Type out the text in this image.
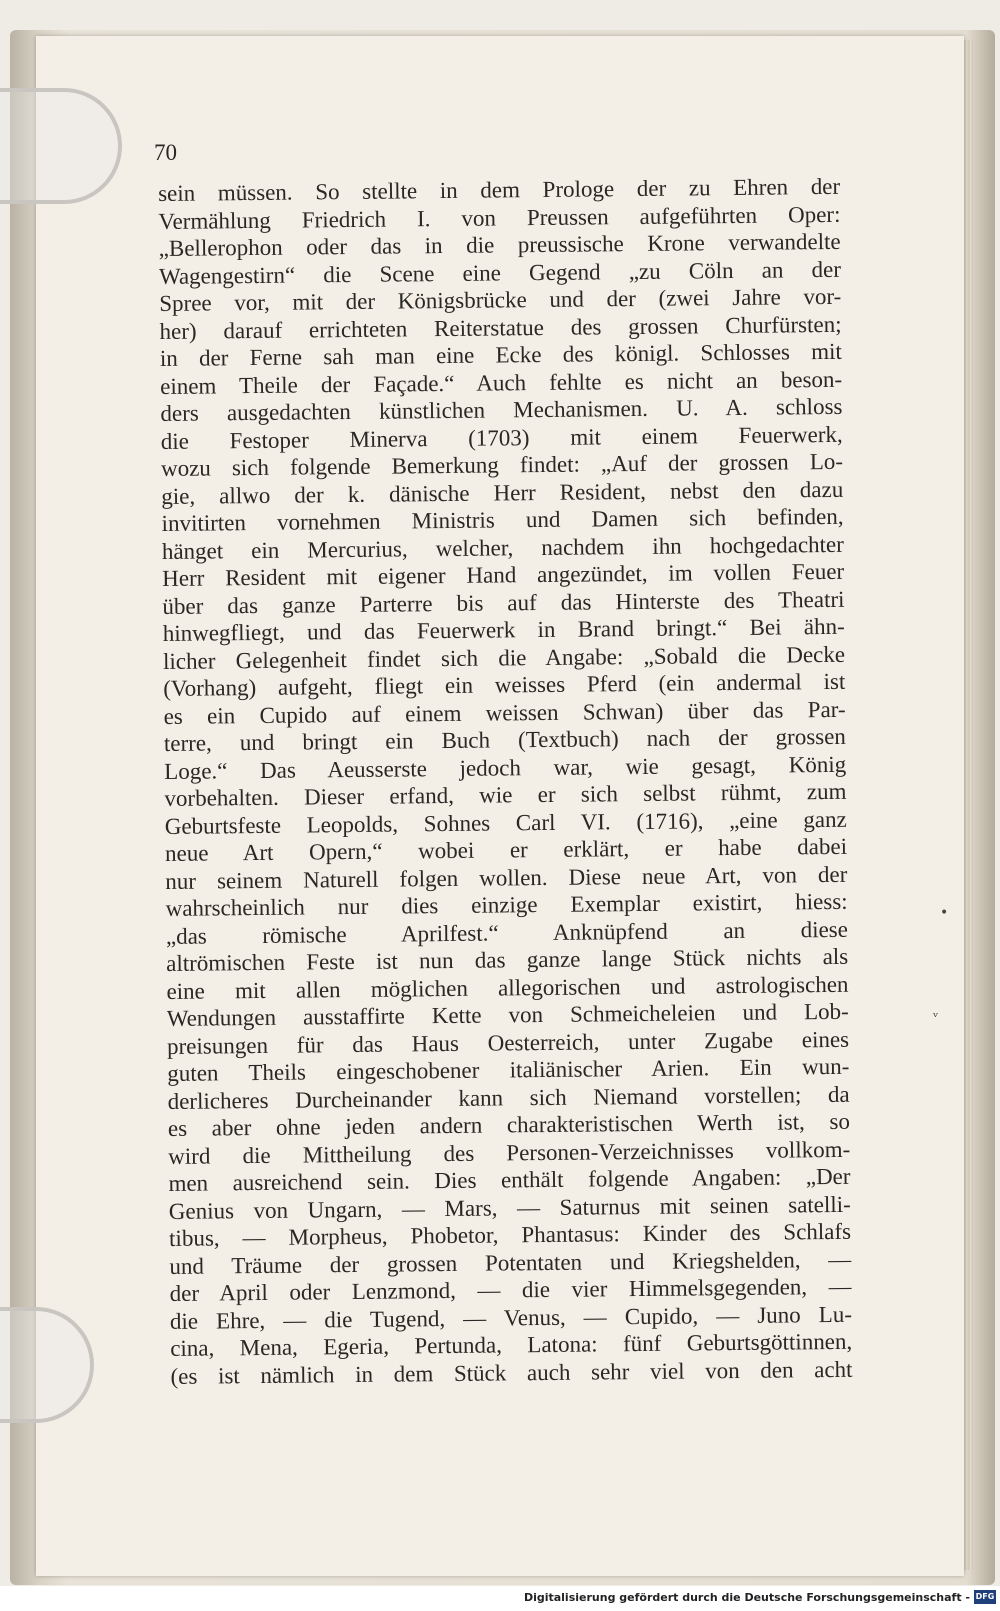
70
sein müssen. So stellte in dem Prologe der zu Ehren der
Vermählung Friedrich I. von Preussen aufgeführten Oper:
„Bellerophon oder das in die preussische Krone verwandelte
Wagengestirn“ die Scene eine Gegend „zu Cöln an der
Spree vor, mit der Königsbrücke und der (zwei Jahre vor-
her) darauf errichteten Reiterstatue des grossen Churfürsten;
in der Ferne sah man eine Ecke des königl. Schlosses mit
einem Theile der Façade.“ Auch fehlte es nicht an beson-
ders ausgedachten künstlichen Mechanismen. U. A. schloss
die Festoper Minerva (1703) mit einem Feuerwerk,
wozu sich folgende Bemerkung findet: „Auf der grossen Lo-
gie, allwo der k. dänische Herr Resident, nebst den dazu
invitirten vornehmen Ministris und Damen sich befinden,
hänget ein Mercurius, welcher, nachdem ihn hochgedachter
Herr Resident mit eigener Hand angezündet, im vollen Feuer
über das ganze Parterre bis auf das Hinterste des Theatri
hinwegfliegt, und das Feuerwerk in Brand bringt.“ Bei ähn-
licher Gelegenheit findet sich die Angabe: „Sobald die Decke
(Vorhang) aufgeht, fliegt ein weisses Pferd (ein andermal ist
es ein Cupido auf einem weissen Schwan) über das Par-
terre, und bringt ein Buch (Textbuch) nach der grossen
Loge.“ Das Aeusserste jedoch war, wie gesagt, König
vorbehalten. Dieser erfand, wie er sich selbst rühmt, zum
Geburtsfeste Leopolds, Sohnes Carl VI. (1716), „eine ganz
neue Art Opern,“ wobei er erklärt, er habe dabei
nur seinem Naturell folgen wollen. Diese neue Art, von der
wahrscheinlich nur dies einzige Exemplar existirt, hiess:
„das römische Aprilfest.“ Anknüpfend an diese
altrömischen Feste ist nun das ganze lange Stück nichts als
eine mit allen möglichen allegorischen und astrologischen
Wendungen ausstaffirte Kette von Schmeicheleien und Lob-
preisungen für das Haus Oesterreich, unter Zugabe eines
guten Theils eingeschobener italiänischer Arien. Ein wun-
derlicheres Durcheinander kann sich Niemand vorstellen; da
es aber ohne jeden andern charakteristischen Werth ist, so
wird die Mittheilung des Personen-Verzeichnisses vollkom-
men ausreichend sein. Dies enthält folgende Angaben: „Der
Genius von Ungarn, — Mars, — Saturnus mit seinen satelli-
tibus, — Morpheus, Phobetor, Phantasus: Kinder des Schlafs
und Träume der grossen Potentaten und Kriegshelden, —
der April oder Lenzmond, — die vier Himmelsgegenden, —
die Ehre, — die Tugend, — Venus, — Cupido, — Juno Lu-
cina, Mena, Egeria, Pertunda, Latona: fünf Geburtsgöttinnen,
(es ist nämlich in dem Stück auch sehr viel von den acht
•
ᵥ
Digitalisierung gefördert durch die Deutsche Forschungsgemeinschaft - DFG
